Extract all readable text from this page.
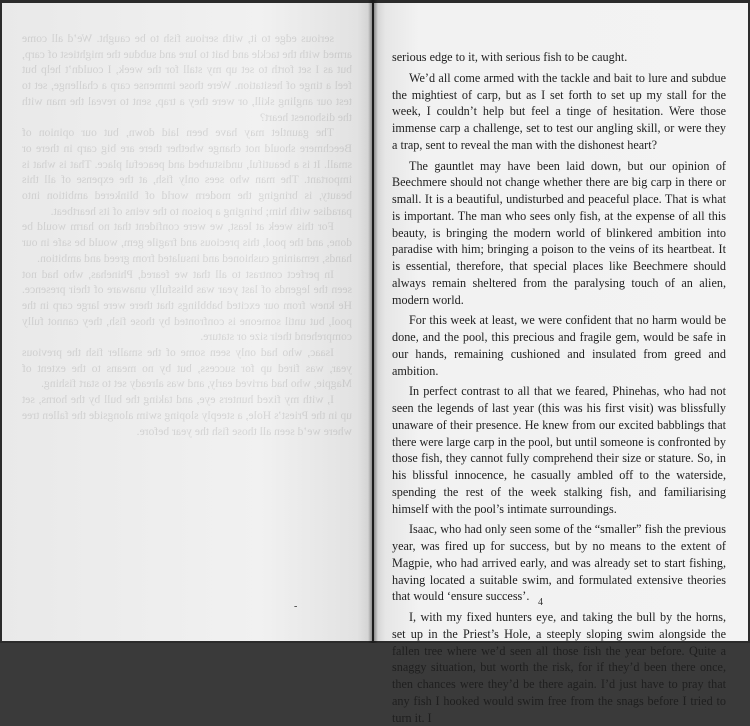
serious edge to it, with serious fish to be caught. We’d all come armed with the tackle and bait to lure and subdue the mightiest of carp, but as I set forth to set up my stall for the week, I couldn’t help but feel a tinge of hesitation. Were those immense carp a challenge, set to test our angling skill, or were they a trap, sent to reveal the man with the dishonest heart?

The gauntlet may have been laid down, but our opinion of Beechmere should not change whether there are big carp in there or small. It is a beautiful, undisturbed and peaceful place. That is what is important. The man who sees only fish, at the expense of all this beauty, is bringing the modern world of blinkered ambition into paradise with him; bringing a poison to the veins of its heartbeat.

For this week at least, we were confident that no harm would be done, and the pool, this precious and fragile gem, would be safe in our hands, remaining cushioned and insulated from greed and ambition.

In perfect contrast to all that we feared, Phinehas, who had not seen the legends of last year was blissfully unaware of their presence. He knew from our excited babblings that there were large carp in the pool, but until someone is confronted by those fish, they cannot fully comprehend their size or stature.

Isaac, who had only seen some of the smaller fish the previous year, was fired up for success, but by no means to the extent of Magpie, who had arrived early, and was already set to start fishing.

I, with my fixed hunters eye, and taking the bull by the horns, set up in the Priest’s Hole, a steeply sloping swim alongside the fallen tree where we’d seen all those fish the year before.

-

serious edge to it, with serious fish to be caught.

We’d all come armed with the tackle and bait to lure and subdue the mightiest of carp, but as I set forth to set up my stall for the week, I couldn’t help but feel a tinge of hesitation. Were those immense carp a challenge, set to test our angling skill, or were they a trap, sent to reveal the man with the dishonest heart?

The gauntlet may have been laid down, but our opinion of Beechmere should not change whether there are big carp in there or small. It is a beautiful, undisturbed and peaceful place. That is what is important. The man who sees only fish, at the expense of all this beauty, is bringing the modern world of blinkered ambition into paradise with him; bringing a poison to the veins of its heartbeat. It is essential, therefore, that special places like Beechmere should always remain sheltered from the paralysing touch of an alien, modern world.

For this week at least, we were confident that no harm would be done, and the pool, this precious and fragile gem, would be safe in our hands, remaining cushioned and insulated from greed and ambition.

In perfect contrast to all that we feared, Phinehas, who had not seen the legends of last year (this was his first visit) was blissfully unaware of their presence. He knew from our excited babblings that there were large carp in the pool, but until someone is confronted by those fish, they cannot fully comprehend their size or stature. So, in his blissful innocence, he casually ambled off to the waterside, spending the rest of the week stalking fish, and familiarising himself with the pool’s intimate surroundings.

Isaac, who had only seen some of the “smaller” fish the previous year, was fired up for success, but by no means to the extent of Magpie, who had arrived early, and was already set to start fishing, having located a suitable swim, and formulated extensive theories that would ‘ensure success’.

I, with my fixed hunters eye, and taking the bull by the horns, set up in the Priest’s Hole, a steeply sloping swim alongside the fallen tree where we’d seen all those fish the year before. Quite a snaggy situation, but worth the risk, for if they’d been there once, then chances were they’d be there again. I’d just have to pray that any fish I hooked would swim free from the snags before I tried to turn it. I

4
